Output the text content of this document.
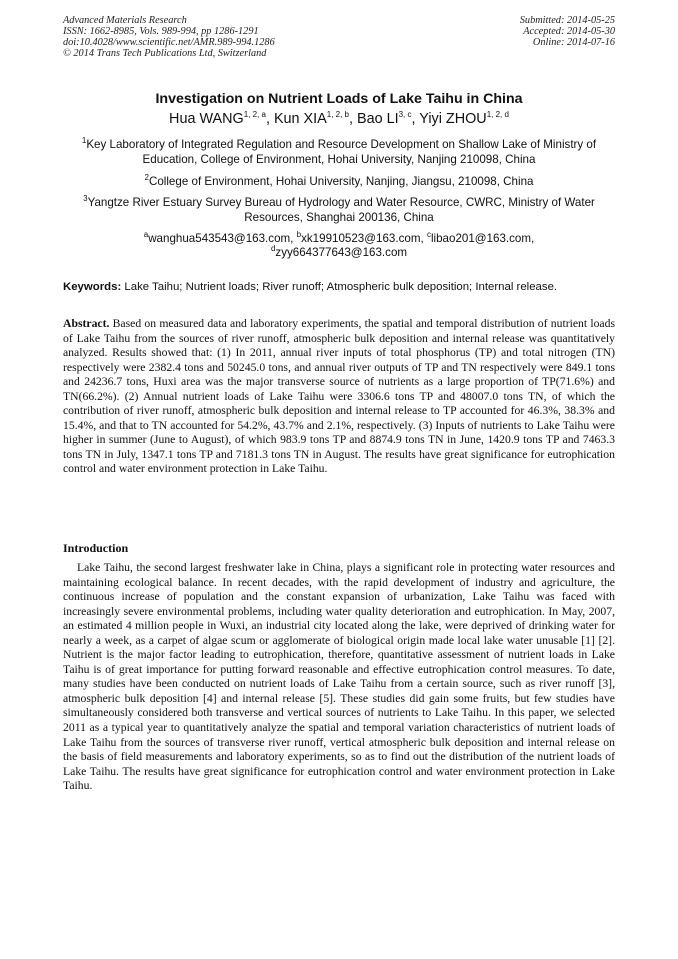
Advanced Materials Research
ISSN: 1662-8985, Vols. 989-994, pp 1286-1291
doi:10.4028/www.scientific.net/AMR.989-994.1286
© 2014 Trans Tech Publications Ltd, Switzerland
Submitted: 2014-05-25
Accepted: 2014-05-30
Online: 2014-07-16
Investigation on Nutrient Loads of Lake Taihu in China
Hua WANG$^{1, 2, a}$, Kun XIA$^{1, 2, b}$, Bao LI$^{3, c}$, Yiyi ZHOU$^{1, 2, d}$
$^1$Key Laboratory of Integrated Regulation and Resource Development on Shallow Lake of Ministry of Education, College of Environment, Hohai University, Nanjing 210098, China
$^2$College of Environment, Hohai University, Nanjing, Jiangsu, 210098, China
$^3$Yangtze River Estuary Survey Bureau of Hydrology and Water Resource, CWRC, Ministry of Water Resources, Shanghai 200136, China
$^a$wanghua543543@163.com, $^b$xk19910523@163.com, $^c$libao201@163.com,
$^d$zyy664377643@163.com
Keywords: Lake Taihu; Nutrient loads; River runoff; Atmospheric bulk deposition; Internal release.
Abstract. Based on measured data and laboratory experiments, the spatial and temporal distribution of nutrient loads of Lake Taihu from the sources of river runoff, atmospheric bulk deposition and internal release was quantitatively analyzed. Results showed that: (1) In 2011, annual river inputs of total phosphorus (TP) and total nitrogen (TN) respectively were 2382.4 tons and 50245.0 tons, and annual river outputs of TP and TN respectively were 849.1 tons and 24236.7 tons, Huxi area was the major transverse source of nutrients as a large proportion of TP(71.6%) and TN(66.2%). (2) Annual nutrient loads of Lake Taihu were 3306.6 tons TP and 48007.0 tons TN, of which the contribution of river runoff, atmospheric bulk deposition and internal release to TP accounted for 46.3%, 38.3% and 15.4%, and that to TN accounted for 54.2%, 43.7% and 2.1%, respectively. (3) Inputs of nutrients to Lake Taihu were higher in summer (June to August), of which 983.9 tons TP and 8874.9 tons TN in June, 1420.9 tons TP and 7463.3 tons TN in July, 1347.1 tons TP and 7181.3 tons TN in August. The results have great significance for eutrophication control and water environment protection in Lake Taihu.
Introduction
Lake Taihu, the second largest freshwater lake in China, plays a significant role in protecting water resources and maintaining ecological balance. In recent decades, with the rapid development of industry and agriculture, the continuous increase of population and the constant expansion of urbanization, Lake Taihu was faced with increasingly severe environmental problems, including water quality deterioration and eutrophication. In May, 2007, an estimated 4 million people in Wuxi, an industrial city located along the lake, were deprived of drinking water for nearly a week, as a carpet of algae scum or agglomerate of biological origin made local lake water unusable [1] [2]. Nutrient is the major factor leading to eutrophication, therefore, quantitative assessment of nutrient loads in Lake Taihu is of great importance for putting forward reasonable and effective eutrophication control measures. To date, many studies have been conducted on nutrient loads of Lake Taihu from a certain source, such as river runoff [3], atmospheric bulk deposition [4] and internal release [5]. These studies did gain some fruits, but few studies have simultaneously considered both transverse and vertical sources of nutrients to Lake Taihu. In this paper, we selected 2011 as a typical year to quantitatively analyze the spatial and temporal variation characteristics of nutrient loads of Lake Taihu from the sources of transverse river runoff, vertical atmospheric bulk deposition and internal release on the basis of field measurements and laboratory experiments, so as to find out the distribution of the nutrient loads of Lake Taihu. The results have great significance for eutrophication control and water environment protection in Lake Taihu.
